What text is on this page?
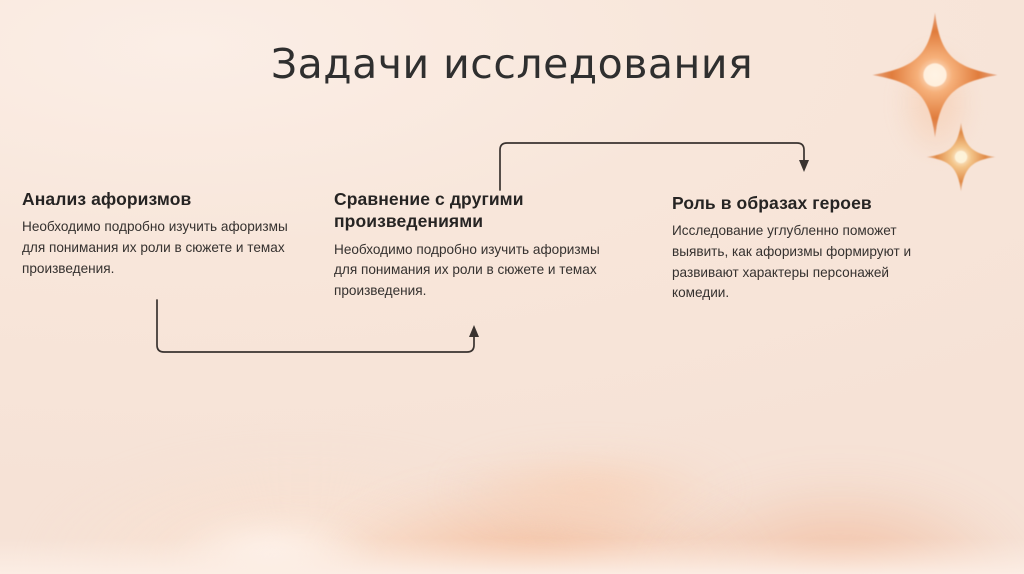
Задачи исследования
Анализ афоризмов
Необходимо подробно изучить афоризмы для понимания их роли в сюжете и темах произведения.
Сравнение с другими произведениями
Необходимо подробно изучить афоризмы для понимания их роли в сюжете и темах произведения.
Роль в образах героев
Исследование углубленно поможет выявить, как афоризмы формируют и развивают характеры персонажей комедии.
